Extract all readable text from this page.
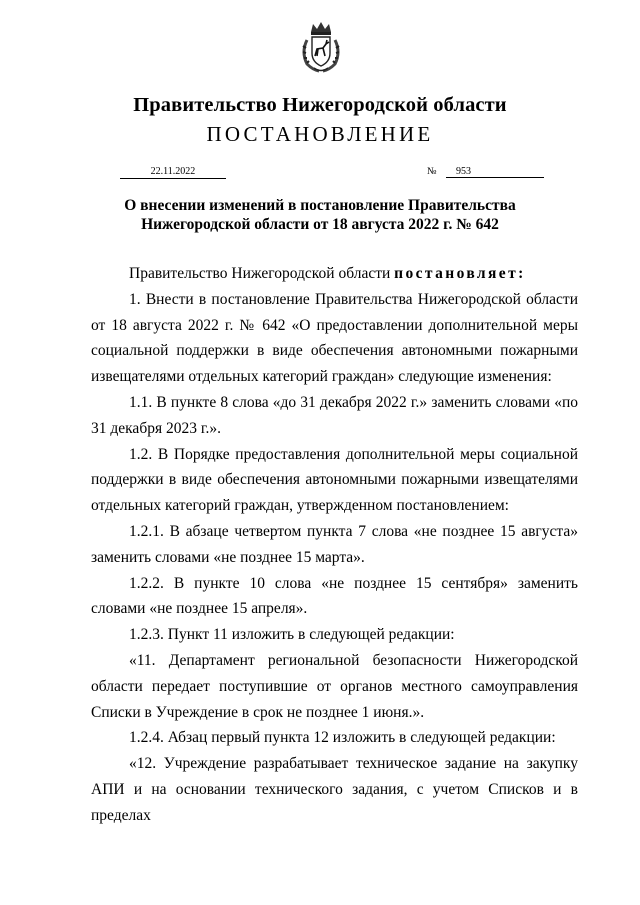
Правительство Нижегородской области
ПОСТАНОВЛЕНИЕ
22.11.2022	№	953
О внесении изменений в постановление Правительства
Нижегородской области от 18 августа 2022 г. № 642

Правительство Нижегородской области постановляет:

1. Внести в постановление Правительства Нижегородской области от 18 августа 2022 г. № 642 «О предоставлении дополнительной меры социальной поддержки в виде обеспечения автономными пожарными извещателями отдельных категорий граждан» следующие изменения:

1.1. В пункте 8 слова «до 31 декабря 2022 г.» заменить словами «по 31 декабря 2023 г.».

1.2. В Порядке предоставления дополнительной меры социальной поддержки в виде обеспечения автономными пожарными извещателями отдельных категорий граждан, утвержденном постановлением:

1.2.1. В абзаце четвертом пункта 7 слова «не позднее 15 августа» заменить словами «не позднее 15 марта».

1.2.2. В пункте 10 слова «не позднее 15 сентября» заменить словами «не позднее 15 апреля».

1.2.3. Пункт 11 изложить в следующей редакции:

«11. Департамент региональной безопасности Нижегородской области передает поступившие от органов местного самоуправления Списки в Учреждение в срок не позднее 1 июня.».

1.2.4. Абзац первый пункта 12 изложить в следующей редакции:

«12. Учреждение разрабатывает техническое задание на закупку АПИ и на основании технического задания, с учетом Списков и в пределах
